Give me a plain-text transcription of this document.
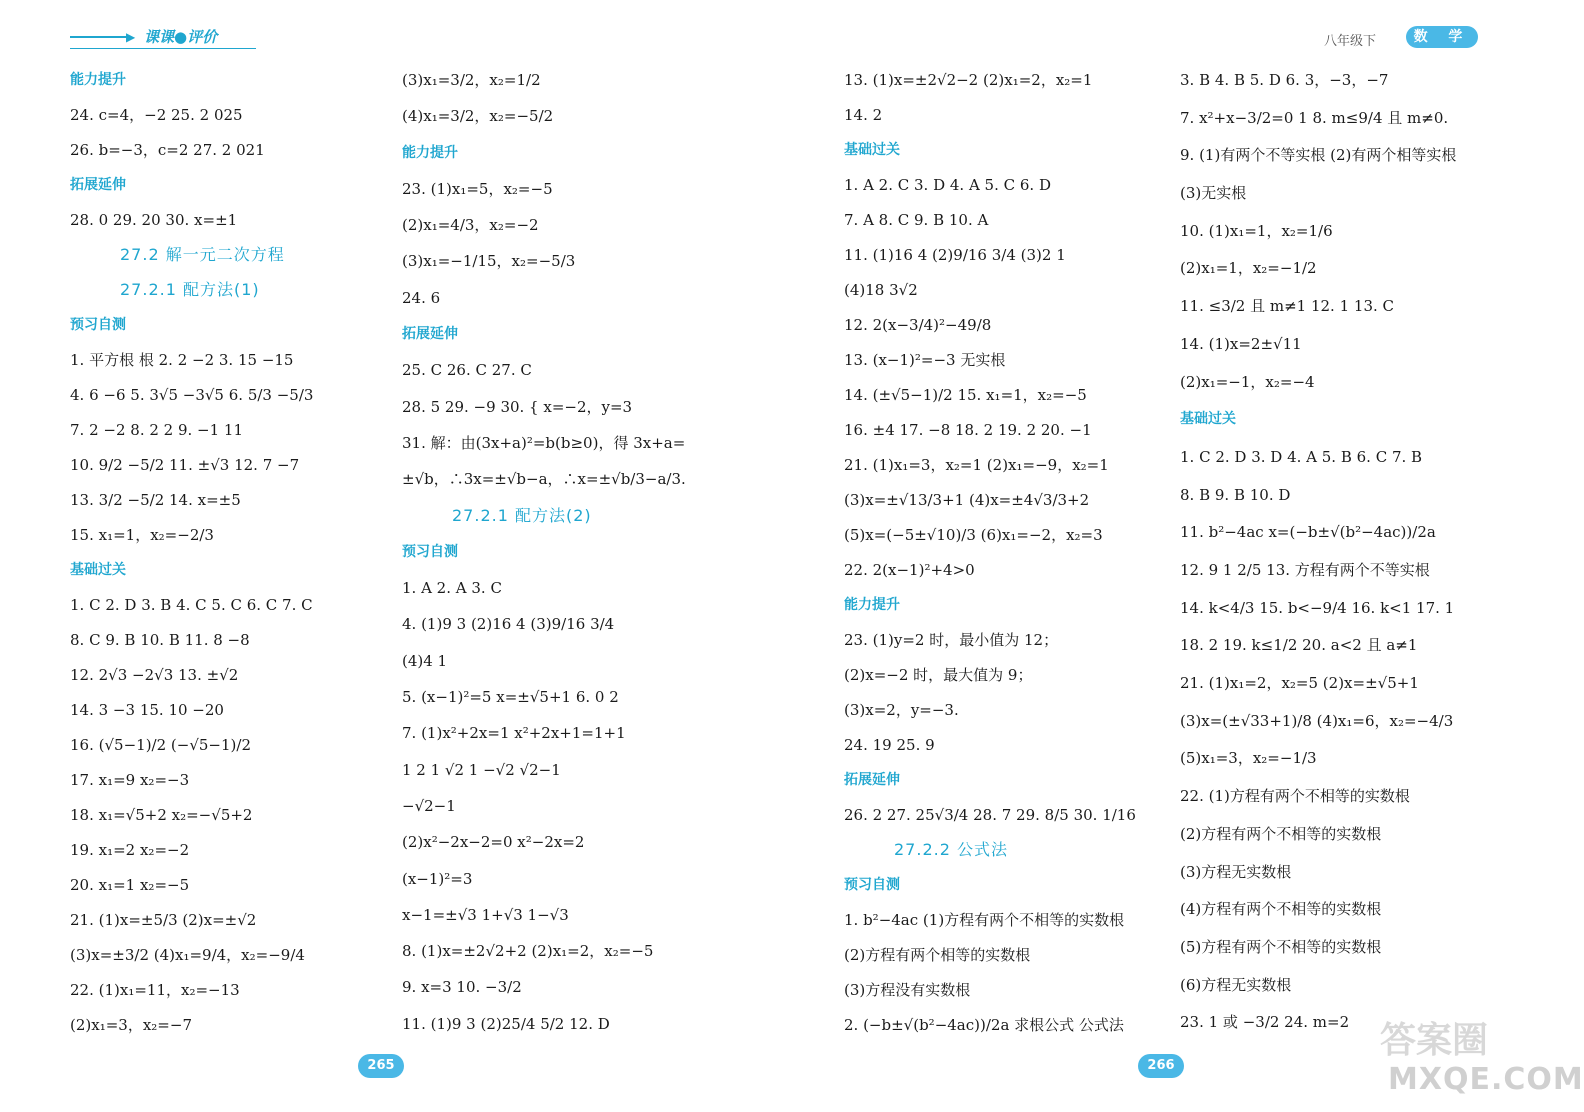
▶ 课课●评价
能力提升
24. c=4，−2 25. 2 025
26. b=−3，c=2 27. 2 021
拓展延伸
28. 0 29. 20 30. x=±1
27.2 解一元二次方程
27.2.1 配方法(1)
预习自测
1. 平方根 根 2. 2 −2 3. 15 −15
4. 6 −6 5. 3√5 −3√5 6. 5/3 −5/3
7. 2 −2 8. 2 2 9. −1 11
10. 9/2 −5/2 11. ±√3 12. 7 −7
13. 3/2 −5/2 14. x=±5
15. x₁=1，x₂=−2/3
基础过关
1. C 2. D 3. B 4. C 5. C 6. C 7. C
8. C 9. B 10. B 11. 8 −8
12. 2√3 −2√3 13. ±√2
14. 3 −3 15. 10 −20
16. (√5−1)/2 (−√5−1)/2
17. x₁=9 x₂=−3
18. x₁=√5+2 x₂=−√5+2
19. x₁=2 x₂=−2
20. x₁=1 x₂=−5
21. (1)x=±5/3 (2)x=±√2
(3)x=±3/2 (4)x₁=9/4，x₂=−9/4
22. (1)x₁=11，x₂=−13
(2)x₁=3，x₂=−7
(3)x₁=3/2，x₂=1/2
(4)x₁=3/2，x₂=−5/2
能力提升
23. (1)x₁=5，x₂=−5
(2)x₁=4/3，x₂=−2
(3)x₁=−1/15，x₂=−5/3
24. 6
拓展延伸
25. C 26. C 27. C
28. 5 29. −9 30. { x=−2，y=3
31. 解：由(3x+a)²=b(b≥0)，得 3x+a=
±√b，∴3x=±√b−a，∴x=±√b/3−a/3.
27.2.1 配方法(2)
预习自测
1. A 2. A 3. C
4. (1)9 3 (2)16 4 (3)9/16 3/4
(4)4 1
5. (x−1)²=5 x=±√5+1 6. 0 2
7. (1)x²+2x=1 x²+2x+1=1+1
1 2 1 √2 1 −√2 √2−1
−√2−1
(2)x²−2x−2=0 x²−2x=2
(x−1)²=3
x−1=±√3 1+√3 1−√3
8. (1)x=±2√2+2 (2)x₁=2，x₂=−5
9. x=3 10. −3/2
11. (1)9 3 (2)25/4 5/2 12. D
265
13. (1)x=±2√2−2 (2)x₁=2，x₂=1
14. 2
基础过关
1. A 2. C 3. D 4. A 5. C 6. D
7. A 8. C 9. B 10. A
11. (1)16 4 (2)9/16 3/4 (3)2 1
(4)18 3√2
12. 2(x−3/4)²−49/8
13. (x−1)²=−3 无实根
14. (±√5−1)/2 15. x₁=1，x₂=−5
16. ±4 17. −8 18. 2 19. 2 20. −1
21. (1)x₁=3，x₂=1 (2)x₁=−9，x₂=1
(3)x=±√13/3+1 (4)x=±4√3/3+2
(5)x=(−5±√10)/3 (6)x₁=−2，x₂=3
22. 2(x−1)²+4>0
能力提升
23. (1)y=2 时，最小值为 12；
(2)x=−2 时，最大值为 9；
(3)x=2，y=−3.
24. 19 25. 9
拓展延伸
26. 2 27. 25√3/4 28. 7 29. 8/5 30. 1/16
27.2.2 公式法
预习自测
1. b²−4ac (1)方程有两个不相等的实数根
(2)方程有两个相等的实数根
(3)方程没有实数根
2. (−b±√(b²−4ac))/2a 求根公式 公式法
3. B 4. B 5. D 6. 3，−3，−7
7. x²+x−3/2=0 1 8. m≤9/4 且 m≠0.
9. (1)有两个不等实根 (2)有两个相等实根
(3)无实根
10. (1)x₁=1，x₂=1/6
(2)x₁=1，x₂=−1/2
11. ≤3/2 且 m≠1 12. 1 13. C
14. (1)x=2±√11
(2)x₁=−1，x₂=−4
基础过关
1. C 2. D 3. D 4. A 5. B 6. C 7. B
8. B 9. B 10. D
11. b²−4ac x=(−b±√(b²−4ac))/2a
12. 9 1 2/5 13. 方程有两个不等实根
14. k<4/3 15. b<−9/4 16. k<1 17. 1
18. 2 19. k≤1/2 20. a<2 且 a≠1
21. (1)x₁=2，x₂=5 (2)x=±√5+1
(3)x=(±√33+1)/8 (4)x₁=6，x₂=−4/3
(5)x₁=3，x₂=−1/3
22. (1)方程有两个不相等的实数根
(2)方程有两个不相等的实数根
(3)方程无实数根
(4)方程有两个不相等的实数根
(5)方程有两个不相等的实数根
(6)方程无实数根
23. 1 或 −3/2 24. m=2
266
八年级下	数 学
答案圈
MXQE.COM
